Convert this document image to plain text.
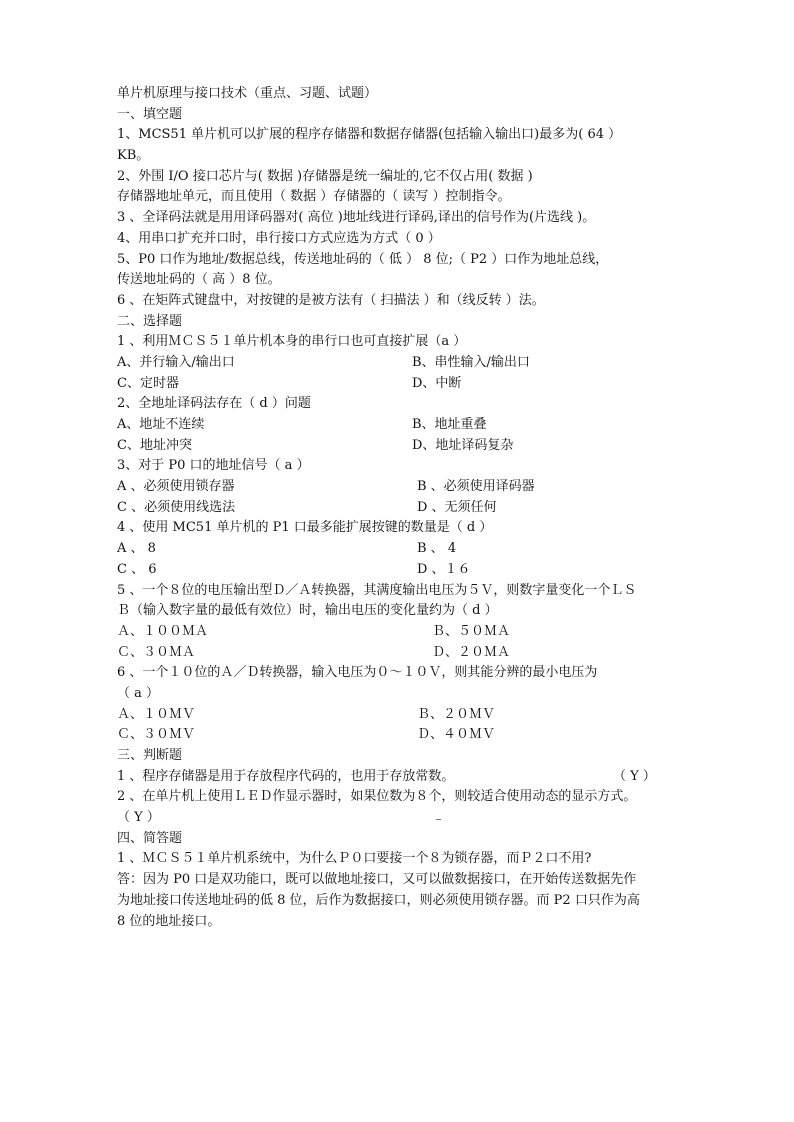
单片机原理与接口技术（重点、习题、试题）
一、填空题
1、MCS51 单片机可以扩展的程序存储器和数据存储器(包括输入输出口)最多为( 64 ）
KB。
2、外围 I/O 接口芯片与( 数据 )存储器是统一编址的,它不仅占用( 数据 )
存储器地址单元，而且使用（ 数据 ）存储器的（ 读写 ）控制指令。
3 、全译码法就是用用译码器对( 高位 )地址线进行译码,译出的信号作为(片选线 )。
4、用串口扩充并口时，串行接口方式应选为方式（ 0 ）
5、P0 口作为地址/数据总线，传送地址码的（ 低 ） 8 位;（ P2 ）口作为地址总线，
传送地址码的（ 高 ）8 位。
6 、在矩阵式键盘中，对按键的是被方法有（ 扫描法 ）和（线反转 ）法。
二、选择题
1 、利用ＭＣＳ５１单片机本身的串行口也可直接扩展（a ）
A、并行输入/输出口	B、串性输入/输出口
C、定时器	D、中断
2、全地址译码法存在（ d ）问题
A、地址不连续	B、地址重叠
C、地址冲突	D、地址译码复杂
3、对于 P0 口的地址信号（ a ）
A 、必须使用锁存器	B 、必须使用译码器
C 、必须使用线选法	D 、无须任何
4 、使用 MC51 单片机的 P1 口最多能扩展按键的数量是（ d ）
A 、 8	B 、 4
C 、 6	D 、１６
5 、一个８位的电压输出型Ｄ／Ａ转换器，其满度输出电压为５Ｖ，则数字量变化一个ＬＳ
Ｂ（输入数字量的最低有效位）时，输出电压的变化量约为（ d ）
Ａ、１００ＭＡ	Ｂ、５０ＭＡ
Ｃ、３０ＭＡ	Ｄ、２０ＭＡ
6 、一个１０位的Ａ／Ｄ转换器，输入电压为０～１０Ｖ，则其能分辨的最小电压为
（ a ）
Ａ、１０ＭＶ	Ｂ、２０ＭＶ
Ｃ、３０ＭＶ	Ｄ、４０ＭＶ
三、判断题
1 、程序存储器是用于存放程序代码的，也用于存放常数。	（ Y ）
2 、在单片机上使用ＬＥＤ作显示器时，如果位数为８个，则较适合使用动态的显示方式。
（ Y ）
四、简答题
1 、ＭＣＳ５１单片机系统中，为什么Ｐ０口要接一个８为锁存器，而Ｐ２口不用?
答：因为 P0 口是双功能口，既可以做地址接口，又可以做数据接口，在开始传送数据先作
为地址接口传送地址码的低 8 位，后作为数据接口，则必须使用锁存器。而 P2 口只作为高
8 位的地址接口。
